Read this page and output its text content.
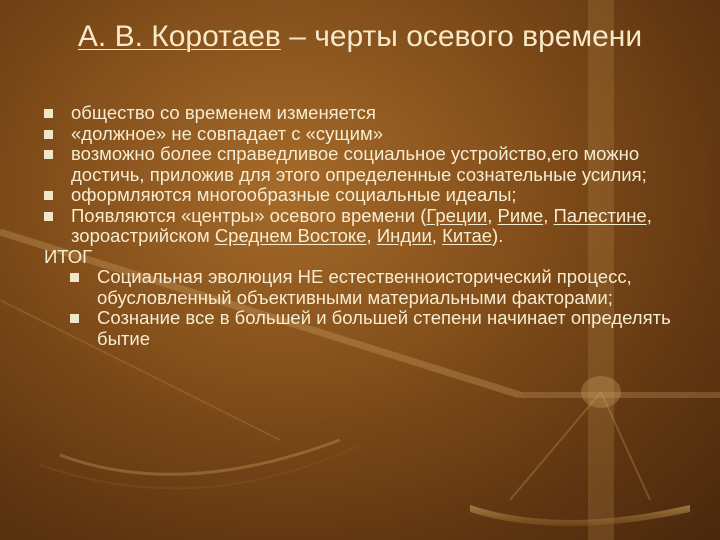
А. В. Коротаев – черты осевого времени
общество со временем изменяется
«должное» не совпадает с «сущим»
возможно более справедливое социальное устройство,его можно достичь, приложив для этого определенные сознательные усилия;
оформляются многообразные социальные идеалы;
Появляются «центры» осевого времени (Греции, Риме, Палестине, зороастрийском Среднем Востоке, Индии, Китае).
ИТОГ
Социальная эволюция НЕ естественноисторический процесс, обусловленный объективными материальными факторами;
Сознание все в большей и большей степени начинает определять бытие
